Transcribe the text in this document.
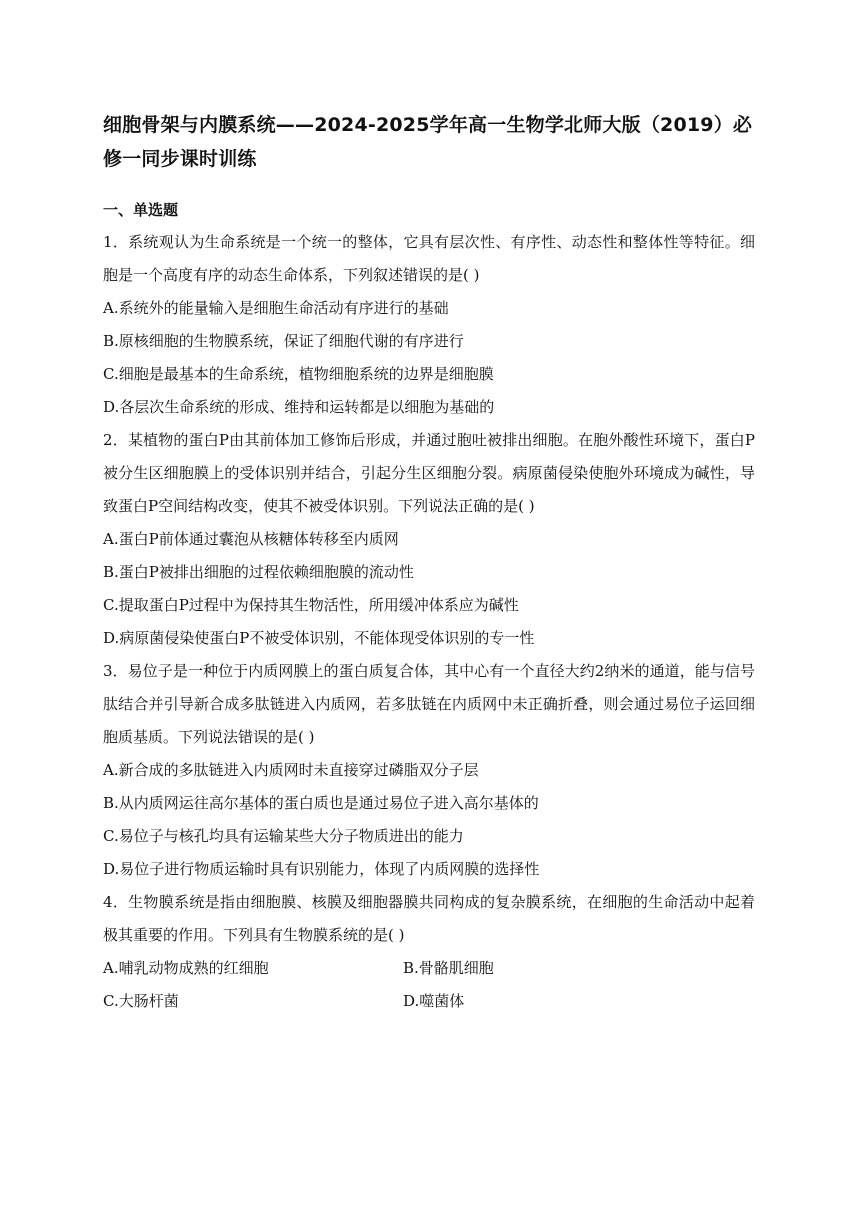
细胞骨架与内膜系统——2024-2025学年高一生物学北师大版（2019）必修一同步课时训练
一、单选题
1．系统观认为生命系统是一个统一的整体，它具有层次性、有序性、动态性和整体性等特征。细胞是一个高度有序的动态生命体系，下列叙述错误的是( )
A.系统外的能量输入是细胞生命活动有序进行的基础
B.原核细胞的生物膜系统，保证了细胞代谢的有序进行
C.细胞是最基本的生命系统，植物细胞系统的边界是细胞膜
D.各层次生命系统的形成、维持和运转都是以细胞为基础的
2．某植物的蛋白P由其前体加工修饰后形成，并通过胞吐被排出细胞。在胞外酸性环境下，蛋白P被分生区细胞膜上的受体识别并结合，引起分生区细胞分裂。病原菌侵染使胞外环境成为碱性，导致蛋白P空间结构改变，使其不被受体识别。下列说法正确的是( )
A.蛋白P前体通过囊泡从核糖体转移至内质网
B.蛋白P被排出细胞的过程依赖细胞膜的流动性
C.提取蛋白P过程中为保持其生物活性，所用缓冲体系应为碱性
D.病原菌侵染使蛋白P不被受体识别，不能体现受体识别的专一性
3．易位子是一种位于内质网膜上的蛋白质复合体，其中心有一个直径大约2纳米的通道，能与信号肽结合并引导新合成多肽链进入内质网，若多肽链在内质网中未正确折叠，则会通过易位子运回细胞质基质。下列说法错误的是( )
A.新合成的多肽链进入内质网时未直接穿过磷脂双分子层
B.从内质网运往高尔基体的蛋白质也是通过易位子进入高尔基体的
C.易位子与核孔均具有运输某些大分子物质进出的能力
D.易位子进行物质运输时具有识别能力，体现了内质网膜的选择性
4．生物膜系统是指由细胞膜、核膜及细胞器膜共同构成的复杂膜系统，在细胞的生命活动中起着极其重要的作用。下列具有生物膜系统的是( )
A.哺乳动物成熟的红细胞	B.骨骼肌细胞
C.大肠杆菌	D.噬菌体
